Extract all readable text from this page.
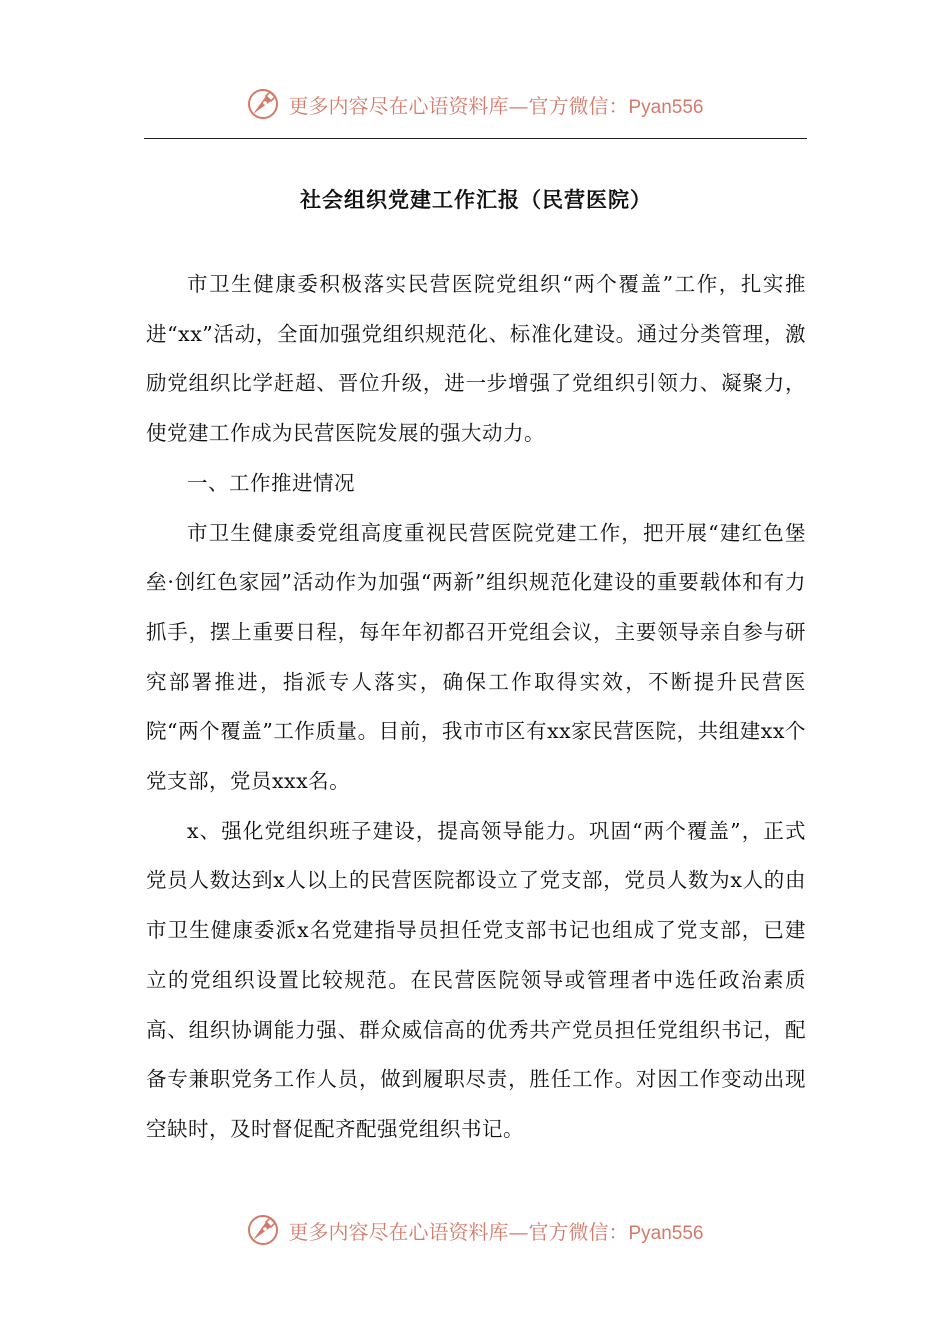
更多内容尽在心语资料库—官方微信：Pyan556
社会组织党建工作汇报（民营医院）

市卫生健康委积极落实民营医院党组织“两个覆盖”工作，扎实推进“xx”活动，全面加强党组织规范化、标准化建设。通过分类管理，激励党组织比学赶超、晋位升级，进一步增强了党组织引领力、凝聚力，使党建工作成为民营医院发展的强大动力。

一、工作推进情况

市卫生健康委党组高度重视民营医院党建工作，把开展“建红色堡垒·创红色家园”活动作为加强“两新”组织规范化建设的重要载体和有力抓手，摆上重要日程，每年年初都召开党组会议，主要领导亲自参与研究部署推进，指派专人落实，确保工作取得实效，不断提升民营医院“两个覆盖”工作质量。目前，我市市区有xx家民营医院，共组建xx个党支部，党员xxx名。

x、强化党组织班子建设，提高领导能力。巩固“两个覆盖”，正式党员人数达到x人以上的民营医院都设立了党支部，党员人数为x人的由市卫生健康委派x名党建指导员担任党支部书记也组成了党支部，已建立的党组织设置比较规范。在民营医院领导或管理者中选任政治素质高、组织协调能力强、群众威信高的优秀共产党员担任党组织书记，配备专兼职党务工作人员，做到履职尽责，胜任工作。对因工作变动出现空缺时，及时督促配齐配强党组织书记。

更多内容尽在心语资料库—官方微信：Pyan556
